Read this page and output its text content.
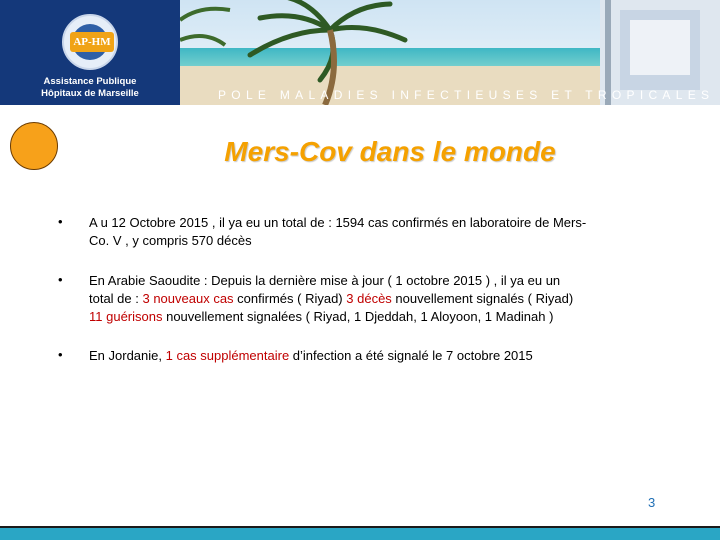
AP-HM
Assistance Publique
Hôpitaux de Marseille	POLE MALADIES INFECTIEUSES ET TROPICALES
Mers-Cov dans le monde
• A u 12 Octobre 2015 , il ya eu un total de : 1594 cas confirmés en laboratoire de Mers-
Co. V , y compris 570 décès
• En Arabie Saoudite : Depuis la dernière mise à jour ( 1 octobre 2015 ) , il ya eu un
total de : 3 nouveaux cas confirmés ( Riyad) 3 décès nouvellement signalés ( Riyad)
11 guérisons nouvellement signalées ( Riyad, 1 Djeddah, 1 Aloyoon, 1 Madinah )
• En Jordanie, 1 cas supplémentaire d’infection a été signalé le 7 octobre 2015
3
